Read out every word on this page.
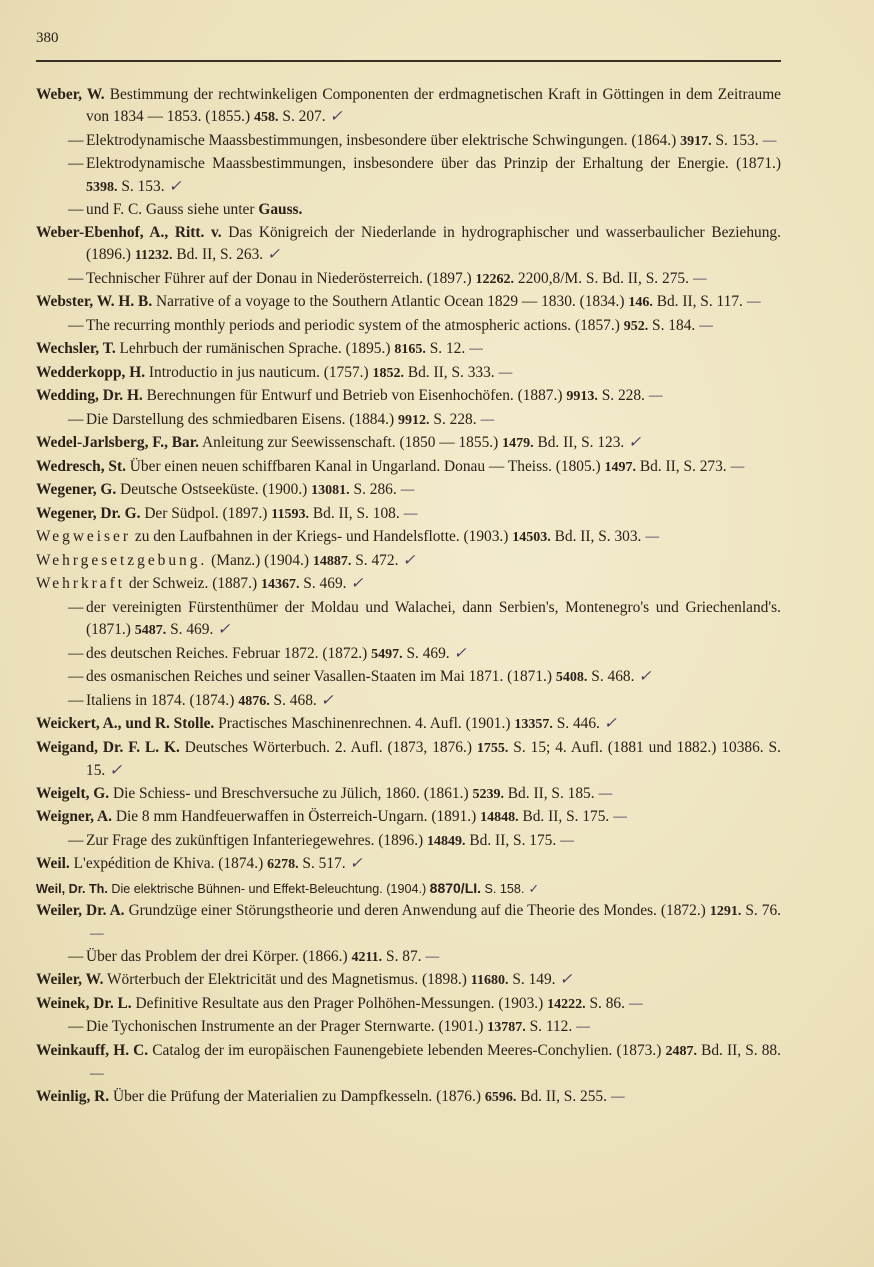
380
Weber, W. Bestimmung der rechtwinkeligen Componenten der erdmagnetischen Kraft in Göttingen in dem Zeitraume von 1834 — 1853. (1855.) 458. S. 207. ✓
— Elektrodynamische Maassbestimmungen, insbesondere über elektrische Schwingungen. (1864.) 3917. S. 153. —
— Elektrodynamische Maassbestimmungen, insbesondere über das Prinzip der Erhaltung der Energie. (1871.) 5398. S. 153. ✓
— und F. C. Gauss siehe unter Gauss.
Weber-Ebenhof, A., Ritt. v. Das Königreich der Niederlande in hydrographischer und wasserbaulicher Beziehung. (1896.) 11232. Bd. II, S. 263. ✓
— Technischer Führer auf der Donau in Niederösterreich. (1897.) 12262. 2200,8/M. S. Bd. II, S. 275. —
Webster, W. H. B. Narrative of a voyage to the Southern Atlantic Ocean 1829 — 1830. (1834.) 146. Bd. II, S. 117. —
— The recurring monthly periods and periodic system of the atmospheric actions. (1857.) 952. S. 184. —
Wechsler, T. Lehrbuch der rumänischen Sprache. (1895.) 8165. S. 12. —
Wedderkopp, H. Introductio in jus nauticum. (1757.) 1852. Bd. II, S. 333. —
Wedding, Dr. H. Berechnungen für Entwurf und Betrieb von Eisenhochöfen. (1887.) 9913. S. 228. —
— Die Darstellung des schmiedbaren Eisens. (1884.) 9912. S. 228. —
Wedel-Jarlsberg, F., Bar. Anleitung zur Seewissenschaft. (1850 — 1855.) 1479. Bd. II, S. 123. ✓
Wedresch, St. Über einen neuen schiffbaren Kanal in Ungarland. Donau — Theiss. (1805.) 1497. Bd. II, S. 273. —
Wegener, G. Deutsche Ostseeküste. (1900.) 13081. S. 286. —
Wegener, Dr. G. Der Südpol. (1897.) 11593. Bd. II, S. 108. —
Wegweiser zu den Laufbahnen in der Kriegs- und Handelsflotte. (1903.) 14503. Bd. II, S. 303. —
Wehrgesetzgebung. (Manz.) (1904.) 14887. S. 472. ✓
Wehrkraft der Schweiz. (1887.) 14367. S. 469. ✓
— der vereinigten Fürstenthümer der Moldau und Walachei, dann Serbien's, Montenegro's und Griechenland's. (1871.) 5487. S. 469. ✓
— des deutschen Reiches. Februar 1872. (1872.) 5497. S. 469. ✓
— des osmanischen Reiches und seiner Vasallen-Staaten im Mai 1871. (1871.) 5408. S. 468. ✓
— Italiens in 1874. (1874.) 4876. S. 468. ✓
Weickert, A., und R. Stolle. Practisches Maschinenrechnen. 4. Aufl. (1901.) 13357. S. 446. ✓
Weigand, Dr. F. L. K. Deutsches Wörterbuch. 2. Aufl. (1873, 1876.) 1755. S. 15; 4. Aufl. (1881 und 1882.) 10386. S. 15. ✓
Weigelt, G. Die Schiess- und Breschversuche zu Jülich, 1860. (1861.) 5239. Bd. II, S. 185. —
Weigner, A. Die 8 mm Handfeuerwaffen in Österreich-Ungarn. (1891.) 14848. Bd. II, S. 175. —
— Zur Frage des zukünftigen Infanteriegewehres. (1896.) 14849. Bd. II, S. 175. —
Weil. L'expédition de Khiva. (1874.) 6278. S. 517. ✓
Weil, Dr. Th. Die elektrische Bühnen- und Effekt-Beleuchtung. (1904.) 8870/LI. S. 158. ✓
Weiler, Dr. A. Grundzüge einer Störungstheorie und deren Anwendung auf die Theorie des Mondes. (1872.) 1291. S. 76.—
— Über das Problem der drei Körper. (1866.) 4211. S. 87. —
Weiler, W. Wörterbuch der Elektricität und des Magnetismus. (1898.) 11680. S. 149. ✓
Weinek, Dr. L. Definitive Resultate aus den Prager Polhöhen-Messungen. (1903.) 14222. S. 86. —
— Die Tychonischen Instrumente an der Prager Sternwarte. (1901.) 13787. S. 112. —
Weinkauff, H. C. Catalog der im europäischen Faunengebiete lebenden Meeres-Conchylien. (1873.) 2487. Bd. II, S. 88.—
Weinlig, R. Über die Prüfung der Materialien zu Dampfkesseln. (1876.) 6596. Bd. II, S. 255. —
